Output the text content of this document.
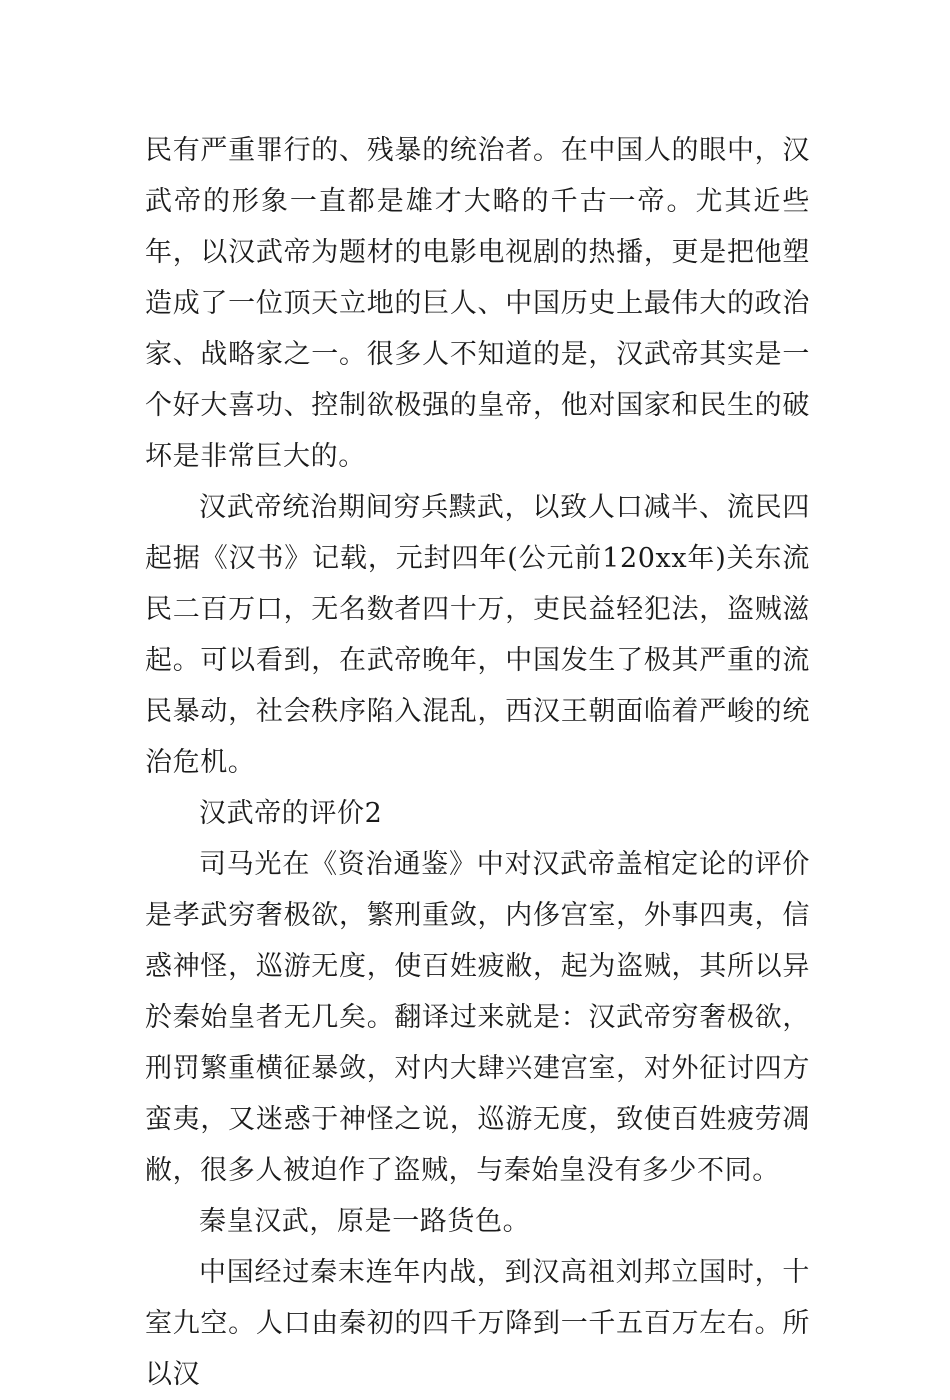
民有严重罪行的、残暴的统治者。在中国人的眼中，汉武帝的形象一直都是雄才大略的千古一帝。尤其近些年，以汉武帝为题材的电影电视剧的热播，更是把他塑造成了一位顶天立地的巨人、中国历史上最伟大的政治家、战略家之一。很多人不知道的是，汉武帝其实是一个好大喜功、控制欲极强的皇帝，他对国家和民生的破坏是非常巨大的。

汉武帝统治期间穷兵黩武，以致人口减半、流民四起据《汉书》记载，元封四年(公元前120xx年)关东流民二百万口，无名数者四十万，吏民益轻犯法，盗贼滋起。可以看到，在武帝晚年，中国发生了极其严重的流民暴动，社会秩序陷入混乱，西汉王朝面临着严峻的统治危机。

汉武帝的评价2

司马光在《资治通鉴》中对汉武帝盖棺定论的评价是孝武穷奢极欲，繁刑重敛，内侈宫室，外事四夷，信惑神怪，巡游无度，使百姓疲敝，起为盗贼，其所以异於秦始皇者无几矣。翻译过来就是：汉武帝穷奢极欲，刑罚繁重横征暴敛，对内大肆兴建宫室，对外征讨四方蛮夷，又迷惑于神怪之说，巡游无度，致使百姓疲劳凋敝，很多人被迫作了盗贼，与秦始皇没有多少不同。

秦皇汉武，原是一路货色。

中国经过秦末连年内战，到汉高祖刘邦立国时，十室九空。人口由秦初的四千万降到一千五百万左右。所以汉
